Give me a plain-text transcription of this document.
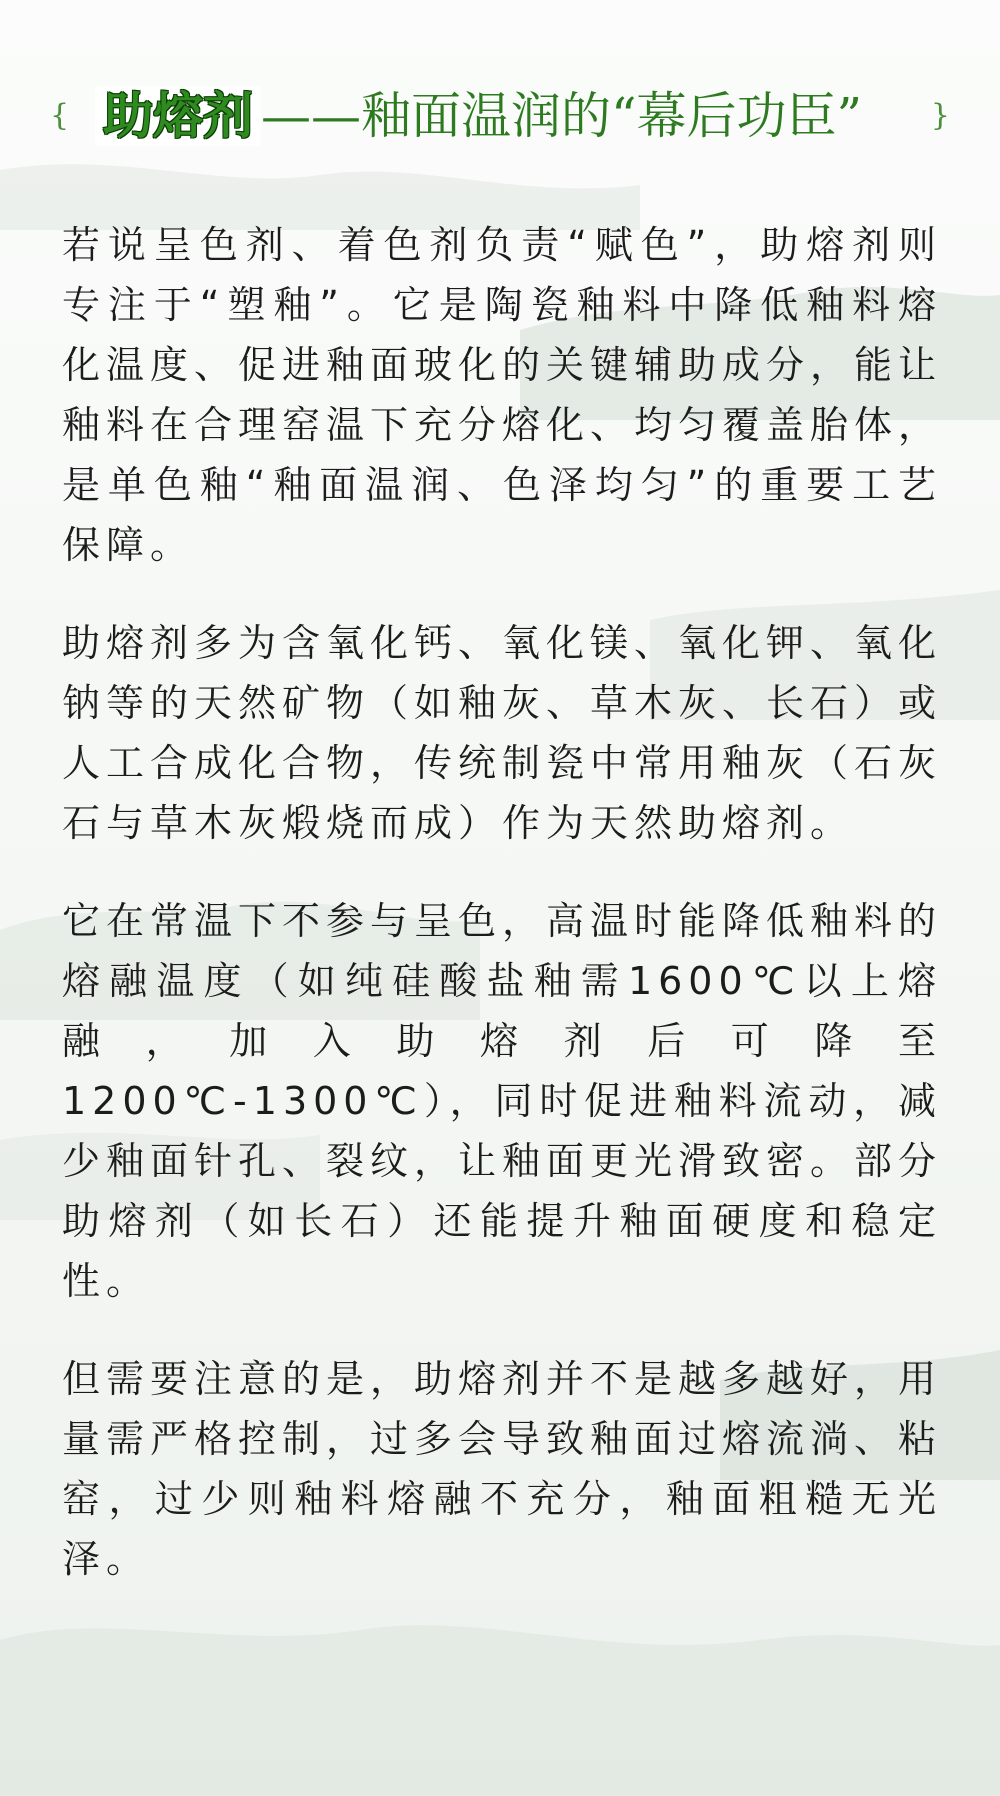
{ 助熔剂 ——釉面温润的“幕后功臣”	}

若说呈色剂、着色剂负责“赋色”，助熔剂则专注于“塑釉”。它是陶瓷釉料中降低釉料熔化温度、促进釉面玻化的关键辅助成分，能让釉料在合理窑温下充分熔化、均匀覆盖胎体，是单色釉“釉面温润、色泽均匀”的重要工艺保障。

助熔剂多为含氧化钙、氧化镁、氧化钾、氧化钠等的天然矿物（如釉灰、草木灰、长石）或人工合成化合物，传统制瓷中常用釉灰（石灰石与草木灰煅烧而成）作为天然助熔剂。

它在常温下不参与呈色，高温时能降低釉料的熔融温度（如纯硅酸盐釉需1600℃以上熔融，加入助熔剂后可降至1200℃-1300℃），同时促进釉料流动，减少釉面针孔、裂纹，让釉面更光滑致密。部分助熔剂（如长石）还能提升釉面硬度和稳定性。

但需要注意的是，助熔剂并不是越多越好，用量需严格控制，过多会导致釉面过熔流淌、粘窑，过少则釉料熔融不充分，釉面粗糙无光泽。
